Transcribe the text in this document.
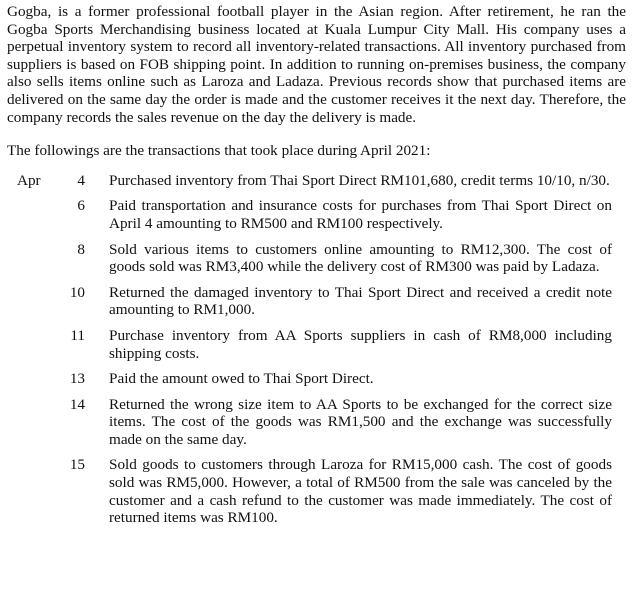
Gogba, is a former professional football player in the Asian region. After retirement, he ran the Gogba Sports Merchandising business located at Kuala Lumpur City Mall. His company uses a perpetual inventory system to record all inventory-related transactions. All inventory purchased from suppliers is based on FOB shipping point. In addition to running on-premises business, the company also sells items online such as Laroza and Ladaza. Previous records show that purchased items are delivered on the same day the order is made and the customer receives it the next day. Therefore, the company records the sales revenue on the day the delivery is made.

The followings are the transactions that took place during April 2021:

Apr	4	Purchased inventory from Thai Sport Direct RM101,680, credit terms 10/10, n/30.
	6	Paid transportation and insurance costs for purchases from Thai Sport Direct on April 4 amounting to RM500 and RM100 respectively.
	8	Sold various items to customers online amounting to RM12,300. The cost of goods sold was RM3,400 while the delivery cost of RM300 was paid by Ladaza.
	10	Returned the damaged inventory to Thai Sport Direct and received a credit note amounting to RM1,000.
	11	Purchase inventory from AA Sports suppliers in cash of RM8,000 including shipping costs.
	13	Paid the amount owed to Thai Sport Direct.
	14	Returned the wrong size item to AA Sports to be exchanged for the correct size items. The cost of the goods was RM1,500 and the exchange was successfully made on the same day.
	15	Sold goods to customers through Laroza for RM15,000 cash. The cost of goods sold was RM5,000. However, a total of RM500 from the sale was canceled by the customer and a cash refund to the customer was made immediately. The cost of returned items was RM100.
